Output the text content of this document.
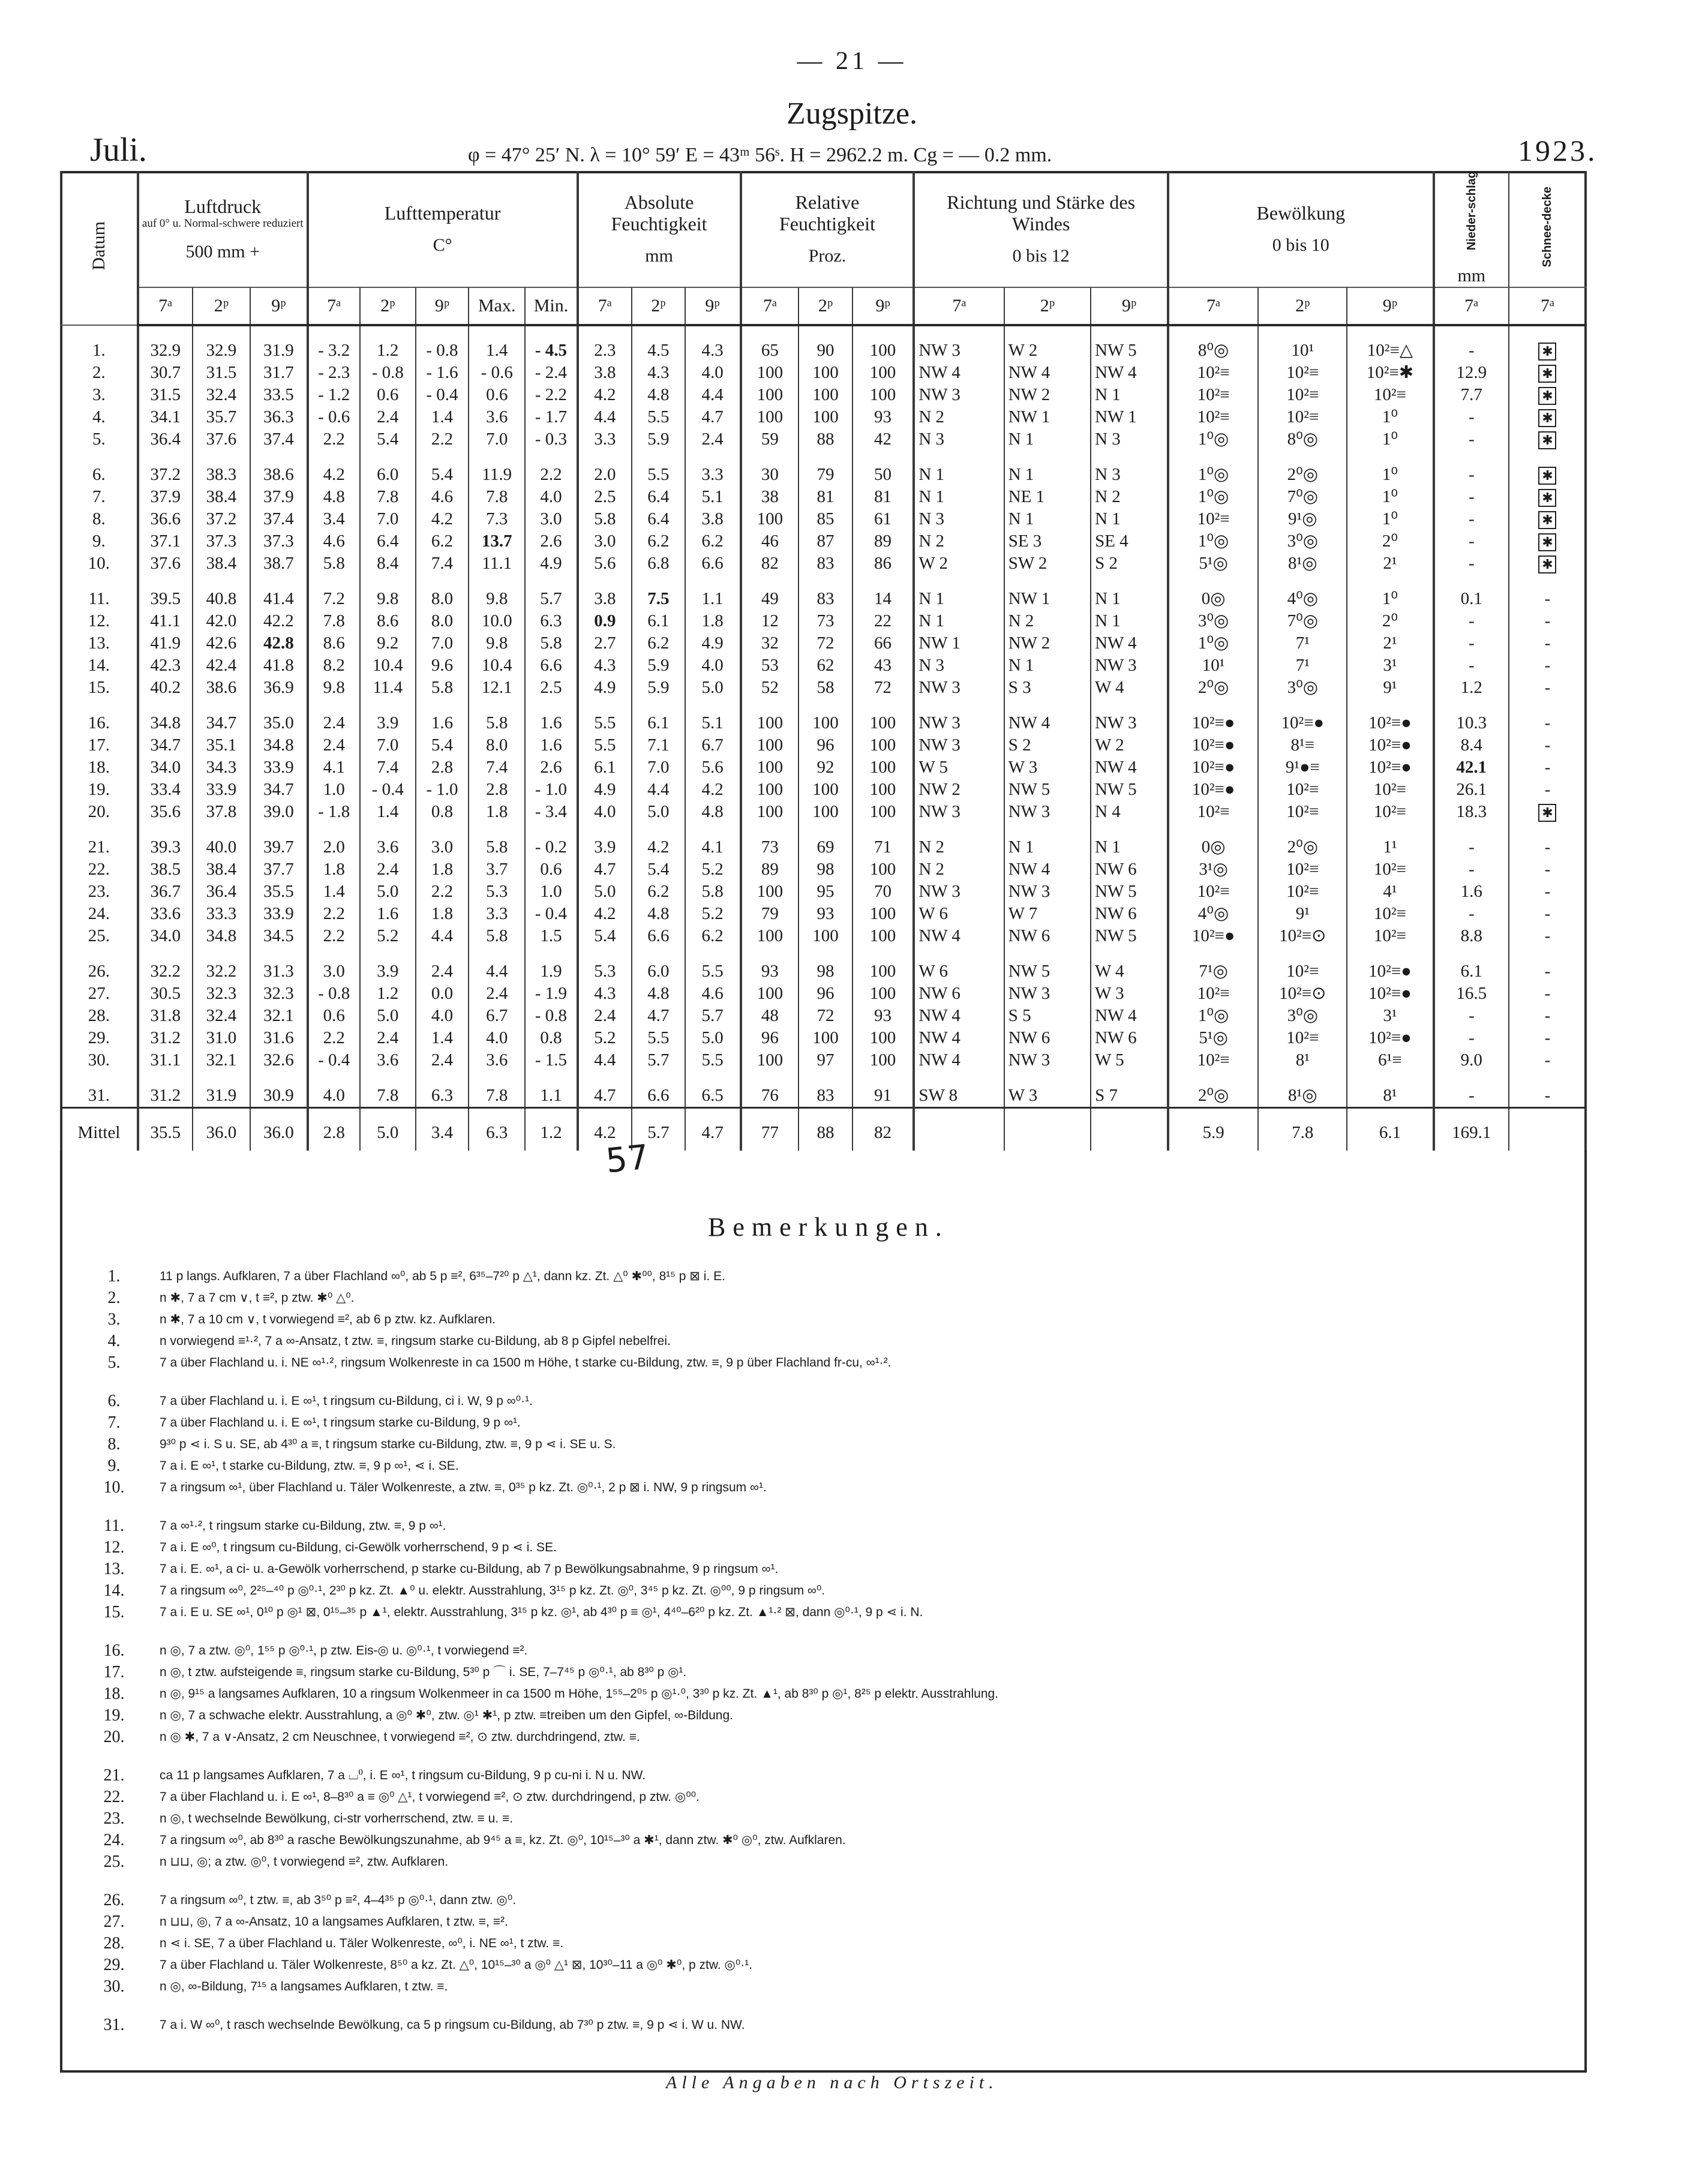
— 21 —
Zugspitze.
Juli.	φ = 47° 25′ N. λ = 10° 59′ E = 43ᵐ 56ˢ. H = 2962.2 m. Cg = — 0.2 mm.	1923.
Datum	Luftdruck
auf 0° u. Normal-schwere reduziert
500 mm +			Lufttemperatur
C°					Absolute Feuchtigkeit
mm			Relative Feuchtigkeit
Proz.			Richtung und Stärke des Windes
0 bis 12			Bewölkung
0 bis 10			Nieder-schlag
mm	Schnee-decke
	7ᵃ	2ᵖ	9ᵖ	7ᵃ	2ᵖ	9ᵖ	Max.	Min.	7ᵃ	2ᵖ	9ᵖ	7ᵃ	2ᵖ	9ᵖ	7ᵃ	2ᵖ	9ᵖ	7ᵃ	2ᵖ	9ᵖ	7ᵃ	7ᵃ
1.	32.9	32.9	31.9	- 3.2	1.2	- 0.8	1.4	- 4.5	2.3	4.5	4.3	65	90	100	NW 3	W 2	NW 5	8⁰◎	10¹	10²≡△	-	✱
2.	30.7	31.5	31.7	- 2.3	- 0.8	- 1.6	- 0.6	- 2.4	3.8	4.3	4.0	100	100	100	NW 4	NW 4	NW 4	10²≡	10²≡	10²≡✱	12.9	✱
3.	31.5	32.4	33.5	- 1.2	0.6	- 0.4	0.6	- 2.2	4.2	4.8	4.4	100	100	100	NW 3	NW 2	N 1	10²≡	10²≡	10²≡	7.7	✱
4.	34.1	35.7	36.3	- 0.6	2.4	1.4	3.6	- 1.7	4.4	5.5	4.7	100	100	93	N 2	NW 1	NW 1	10²≡	10²≡	1⁰	-	✱
5.	36.4	37.6	37.4	2.2	5.4	2.2	7.0	- 0.3	3.3	5.9	2.4	59	88	42	N 3	N 1	N 3	1⁰◎	8⁰◎	1⁰	-	✱
6.	37.2	38.3	38.6	4.2	6.0	5.4	11.9	2.2	2.0	5.5	3.3	30	79	50	N 1	N 1	N 3	1⁰◎	2⁰◎	1⁰	-	✱
7.	37.9	38.4	37.9	4.8	7.8	4.6	7.8	4.0	2.5	6.4	5.1	38	81	81	N 1	NE 1	N 2	1⁰◎	7⁰◎	1⁰	-	✱
8.	36.6	37.2	37.4	3.4	7.0	4.2	7.3	3.0	5.8	6.4	3.8	100	85	61	N 3	N 1	N 1	10²≡	9¹◎	1⁰	-	✱
9.	37.1	37.3	37.3	4.6	6.4	6.2	13.7	2.6	3.0	6.2	6.2	46	87	89	N 2	SE 3	SE 4	1⁰◎	3⁰◎	2⁰	-	✱
10.	37.6	38.4	38.7	5.8	8.4	7.4	11.1	4.9	5.6	6.8	6.6	82	83	86	W 2	SW 2	S 2	5¹◎	8¹◎	2¹	-	✱
11.	39.5	40.8	41.4	7.2	9.8	8.0	9.8	5.7	3.8	7.5	1.1	49	83	14	N 1	NW 1	N 1	0◎	4⁰◎	1⁰	0.1	-
12.	41.1	42.0	42.2	7.8	8.6	8.0	10.0	6.3	0.9	6.1	1.8	12	73	22	N 1	N 2	N 1	3⁰◎	7⁰◎	2⁰	-	-
13.	41.9	42.6	42.8	8.6	9.2	7.0	9.8	5.8	2.7	6.2	4.9	32	72	66	NW 1	NW 2	NW 4	1⁰◎	7¹	2¹	-	-
14.	42.3	42.4	41.8	8.2	10.4	9.6	10.4	6.6	4.3	5.9	4.0	53	62	43	N 3	N 1	NW 3	10¹	7¹	3¹	-	-
15.	40.2	38.6	36.9	9.8	11.4	5.8	12.1	2.5	4.9	5.9	5.0	52	58	72	NW 3	S 3	W 4	2⁰◎	3⁰◎	9¹	1.2	-
16.	34.8	34.7	35.0	2.4	3.9	1.6	5.8	1.6	5.5	6.1	5.1	100	100	100	NW 3	NW 4	NW 3	10²≡●	10²≡●	10²≡●	10.3	-
17.	34.7	35.1	34.8	2.4	7.0	5.4	8.0	1.6	5.5	7.1	6.7	100	96	100	NW 3	S 2	W 2	10²≡●	8¹≡	10²≡●	8.4	-
18.	34.0	34.3	33.9	4.1	7.4	2.8	7.4	2.6	6.1	7.0	5.6	100	92	100	W 5	W 3	NW 4	10²≡●	9¹●≡	10²≡●	42.1	-
19.	33.4	33.9	34.7	1.0	- 0.4	- 1.0	2.8	- 1.0	4.9	4.4	4.2	100	100	100	NW 2	NW 5	NW 5	10²≡●	10²≡	10²≡	26.1	-
20.	35.6	37.8	39.0	- 1.8	1.4	0.8	1.8	- 3.4	4.0	5.0	4.8	100	100	100	NW 3	NW 3	N 4	10²≡	10²≡	10²≡	18.3	✱
21.	39.3	40.0	39.7	2.0	3.6	3.0	5.8	- 0.2	3.9	4.2	4.1	73	69	71	N 2	N 1	N 1	0◎	2⁰◎	1¹	-	-
22.	38.5	38.4	37.7	1.8	2.4	1.8	3.7	0.6	4.7	5.4	5.2	89	98	100	N 2	NW 4	NW 6	3¹◎	10²≡	10²≡	-	-
23.	36.7	36.4	35.5	1.4	5.0	2.2	5.3	1.0	5.0	6.2	5.8	100	95	70	NW 3	NW 3	NW 5	10²≡	10²≡	4¹	1.6	-
24.	33.6	33.3	33.9	2.2	1.6	1.8	3.3	- 0.4	4.2	4.8	5.2	79	93	100	W 6	W 7	NW 6	4⁰◎	9¹	10²≡	-	-
25.	34.0	34.8	34.5	2.2	5.2	4.4	5.8	1.5	5.4	6.6	6.2	100	100	100	NW 4	NW 6	NW 5	10²≡●	10²≡⊙	10²≡	8.8	-
26.	32.2	32.2	31.3	3.0	3.9	2.4	4.4	1.9	5.3	6.0	5.5	93	98	100	W 6	NW 5	W 4	7¹◎	10²≡	10²≡●	6.1	-
27.	30.5	32.3	32.3	- 0.8	1.2	0.0	2.4	- 1.9	4.3	4.8	4.6	100	96	100	NW 6	NW 3	W 3	10²≡	10²≡⊙	10²≡●	16.5	-
28.	31.8	32.4	32.1	0.6	5.0	4.0	6.7	- 0.8	2.4	4.7	5.7	48	72	93	NW 4	S 5	NW 4	1⁰◎	3⁰◎	3¹	-	-
29.	31.2	31.0	31.6	2.2	2.4	1.4	4.0	0.8	5.2	5.5	5.0	96	100	100	NW 4	NW 6	NW 6	5¹◎	10²≡	10²≡●	-	-
30.	31.1	32.1	32.6	- 0.4	3.6	2.4	3.6	- 1.5	4.4	5.7	5.5	100	97	100	NW 4	NW 3	W 5	10²≡	8¹	6¹≡	9.0	-
31.	31.2	31.9	30.9	4.0	7.8	6.3	7.8	1.1	4.7	6.6	6.5	76	83	91	SW 8	W 3	S 7	2⁰◎	8¹◎	8¹	-	-
Mittel	35.5	36.0	36.0	2.8	5.0	3.4	6.3	1.2	4.2	5.7	4.7	77	88	82				5.9	7.8	6.1	169.1	
57
Bemerkungen.
1.	11 p langs. Aufklaren, 7 a über Flachland ∞⁰, ab 5 p ≡², 6³⁵–7²⁰ p △¹, dann kz. Zt. △⁰ ✱⁰⁰, 8¹⁵ p ⊠ i. E.
2.	n ✱, 7 a 7 cm ∨, t ≡², p ztw. ✱⁰ △⁰.
3.	n ✱, 7 a 10 cm ∨, t vorwiegend ≡², ab 6 p ztw. kz. Aufklaren.
4.	n vorwiegend ≡¹·², 7 a ∞-Ansatz, t ztw. ≡, ringsum starke cu-Bildung, ab 8 p Gipfel nebelfrei.
5.	7 a über Flachland u. i. NE ∞¹·², ringsum Wolkenreste in ca 1500 m Höhe, t starke cu-Bildung, ztw. ≡, 9 p über Flachland fr-cu, ∞¹·².
6.	7 a über Flachland u. i. E ∞¹, t ringsum cu-Bildung, ci i. W, 9 p ∞⁰·¹.
7.	7 a über Flachland u. i. E ∞¹, t ringsum starke cu-Bildung, 9 p ∞¹.
8.	9³⁰ p ⋖ i. S u. SE, ab 4³⁰ a ≡, t ringsum starke cu-Bildung, ztw. ≡, 9 p ⋖ i. SE u. S.
9.	7 a i. E ∞¹, t starke cu-Bildung, ztw. ≡, 9 p ∞¹, ⋖ i. SE.
10.	7 a ringsum ∞¹, über Flachland u. Täler Wolkenreste, a ztw. ≡, 0³⁵ p kz. Zt. ◎⁰·¹, 2 p ⊠ i. NW, 9 p ringsum ∞¹.
11.	7 a ∞¹·², t ringsum starke cu-Bildung, ztw. ≡, 9 p ∞¹.
12.	7 a i. E ∞⁰, t ringsum cu-Bildung, ci-Gewölk vorherrschend, 9 p ⋖ i. SE.
13.	7 a i. E. ∞¹, a ci- u. a-Gewölk vorherrschend, p starke cu-Bildung, ab 7 p Bewölkungsabnahme, 9 p ringsum ∞¹.
14.	7 a ringsum ∞⁰, 2²⁵–⁴⁰ p ◎⁰·¹, 2³⁰ p kz. Zt. ▲⁰ u. elektr. Ausstrahlung, 3¹⁵ p kz. Zt. ◎⁰, 3⁴⁵ p kz. Zt. ◎⁰⁰, 9 p ringsum ∞⁰.
15.	7 a i. E u. SE ∞¹, 0¹⁰ p ◎¹ ⊠, 0¹⁵–³⁵ p ▲¹, elektr. Ausstrahlung, 3¹⁵ p kz. ◎¹, ab 4³⁰ p ≡ ◎¹, 4⁴⁰–6²⁰ p kz. Zt. ▲¹·² ⊠, dann ◎⁰·¹, 9 p ⋖ i. N.
16.	n ◎, 7 a ztw. ◎⁰, 1⁵⁵ p ◎⁰·¹, p ztw. Eis-◎ u. ◎⁰·¹, t vorwiegend ≡².
17.	n ◎, t ztw. aufsteigende ≡, ringsum starke cu-Bildung, 5³⁰ p ⌒ i. SE, 7–7⁴⁵ p ◎⁰·¹, ab 8³⁰ p ◎¹.
18.	n ◎, 9¹⁵ a langsames Aufklaren, 10 a ringsum Wolkenmeer in ca 1500 m Höhe, 1⁵⁵–2⁰⁵ p ◎¹·⁰, 3³⁰ p kz. Zt. ▲¹, ab 8³⁰ p ◎¹, 8²⁵ p elektr. Ausstrahlung.
19.	n ◎, 7 a schwache elektr. Ausstrahlung, a ◎⁰ ✱⁰, ztw. ◎¹ ✱¹, p ztw. ≡treiben um den Gipfel, ∞-Bildung.
20.	n ◎ ✱, 7 a ∨-Ansatz, 2 cm Neuschnee, t vorwiegend ≡², ⊙ ztw. durchdringend, ztw. ≡.
21.	ca 11 p langsames Aufklaren, 7 a ⌴⁰, i. E ∞¹, t ringsum cu-Bildung, 9 p cu-ni i. N u. NW.
22.	7 a über Flachland u. i. E ∞¹, 8–8³⁰ a ≡ ◎⁰ △¹, t vorwiegend ≡², ⊙ ztw. durchdringend, p ztw. ◎⁰⁰.
23.	n ◎, t wechselnde Bewölkung, ci-str vorherrschend, ztw. ≡ u. ≡.
24.	7 a ringsum ∞⁰, ab 8³⁰ a rasche Bewölkungszunahme, ab 9⁴⁵ a ≡, kz. Zt. ◎⁰, 10¹⁵–³⁰ a ✱¹, dann ztw. ✱⁰ ◎⁰, ztw. Aufklaren.
25.	n ⊔⊔, ◎; a ztw. ◎⁰, t vorwiegend ≡², ztw. Aufklaren.
26.	7 a ringsum ∞⁰, t ztw. ≡, ab 3⁵⁰ p ≡², 4–4³⁵ p ◎⁰·¹, dann ztw. ◎⁰.
27.	n ⊔⊔, ◎, 7 a ∞-Ansatz, 10 a langsames Aufklaren, t ztw. ≡, ≡².
28.	n ⋖ i. SE, 7 a über Flachland u. Täler Wolkenreste, ∞⁰, i. NE ∞¹, t ztw. ≡.
29.	7 a über Flachland u. Täler Wolkenreste, 8⁵⁰ a kz. Zt. △⁰, 10¹⁵–³⁰ a ◎⁰ △¹ ⊠, 10³⁰–11 a ◎⁰ ✱⁰, p ztw. ◎⁰·¹.
30.	n ◎, ∞-Bildung, 7¹⁵ a langsames Aufklaren, t ztw. ≡.
31.	7 a i. W ∞⁰, t rasch wechselnde Bewölkung, ca 5 p ringsum cu-Bildung, ab 7³⁰ p ztw. ≡, 9 p ⋖ i. W u. NW.
Alle Angaben nach Ortszeit.
